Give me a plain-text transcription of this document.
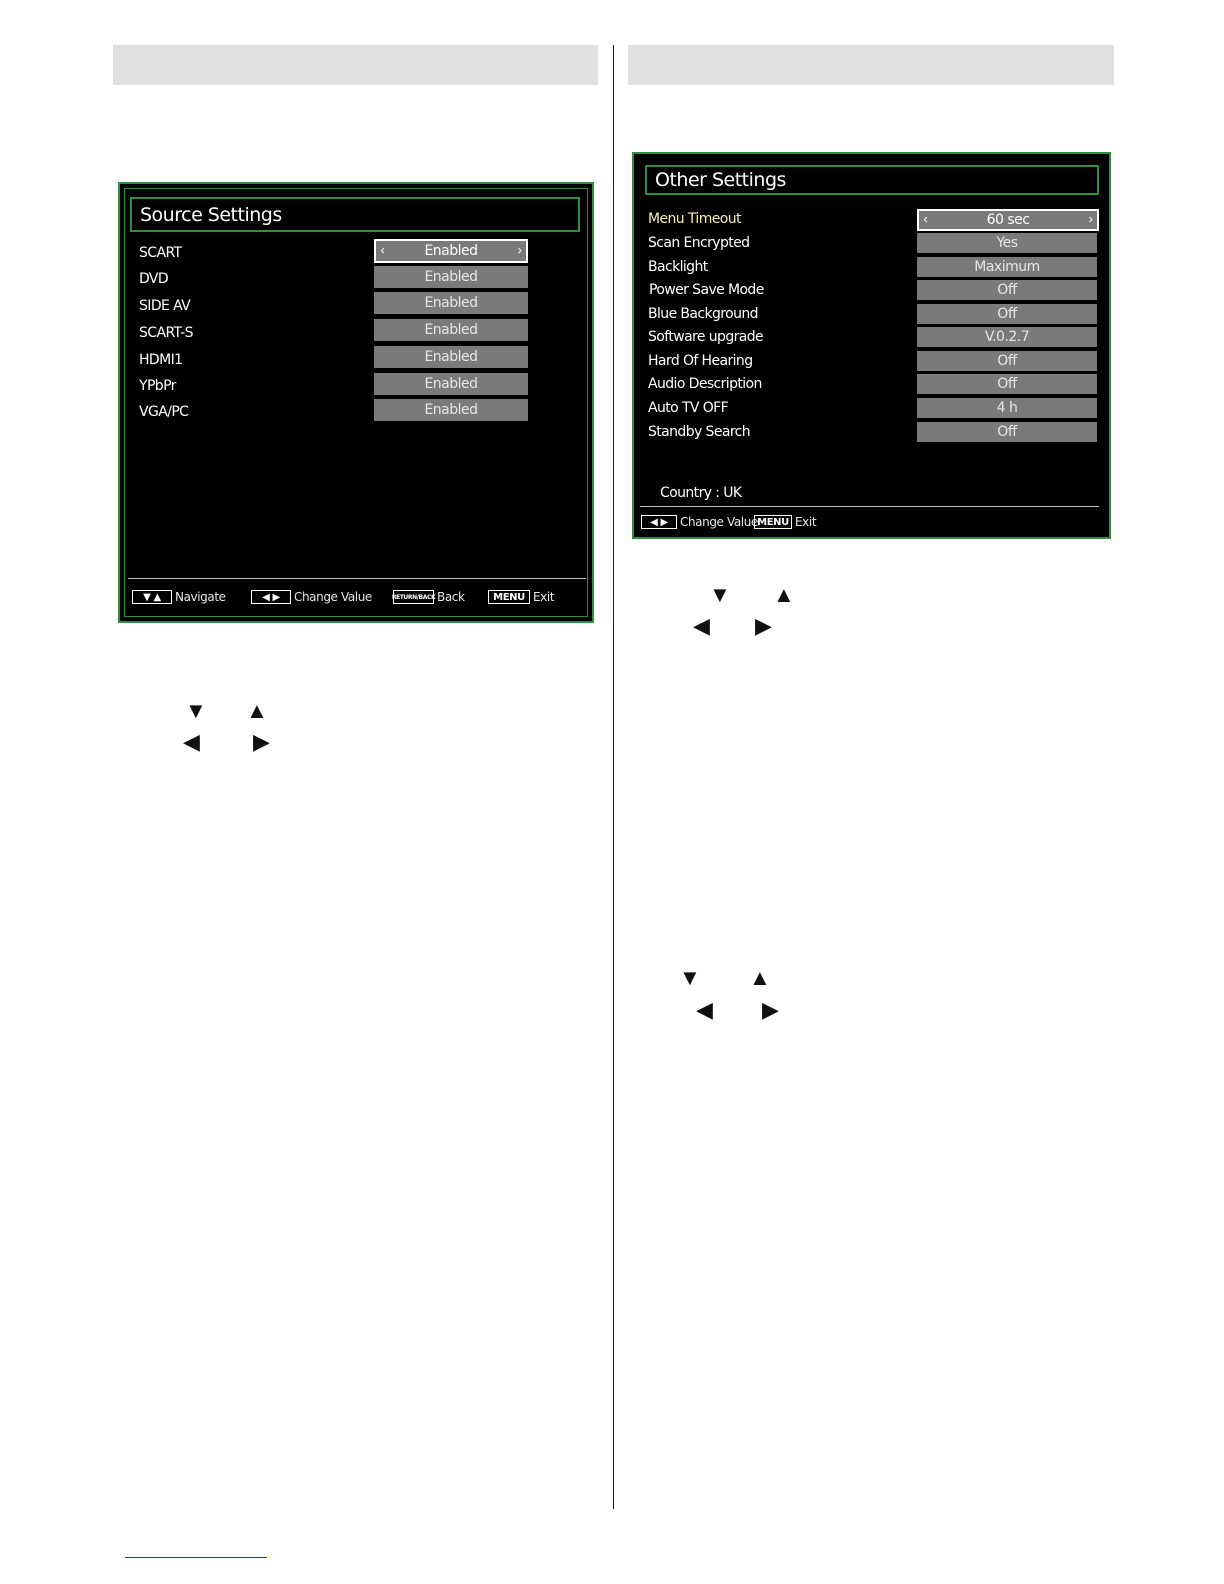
Source Settings
SCART	‹	Enabled	›
DVD	Enabled
SIDE AV	Enabled
SCART-S	Enabled
HDMI1	Enabled
YPbPr	Enabled
VGA/PC	Enabled
▼
▲ Navigate	◀
▶ Change Value	RETURN/BACK Back	MENU Exit
▼ ▲
◀ ▶
Other Settings
Menu Timeout	‹	60 sec	›
Scan Encrypted	Yes
Backlight	Maximum
Power Save Mode	Off
Blue Background	Off
Software upgrade	V.0.2.7
Hard Of Hearing	Off
Audio Description	Off
Auto TV OFF	4 h
Standby Search	Off
Country : UK
◀
▶ Change Value MENU Exit
▼ ▲
◀ ▶
▼ ▲
◀ ▶
